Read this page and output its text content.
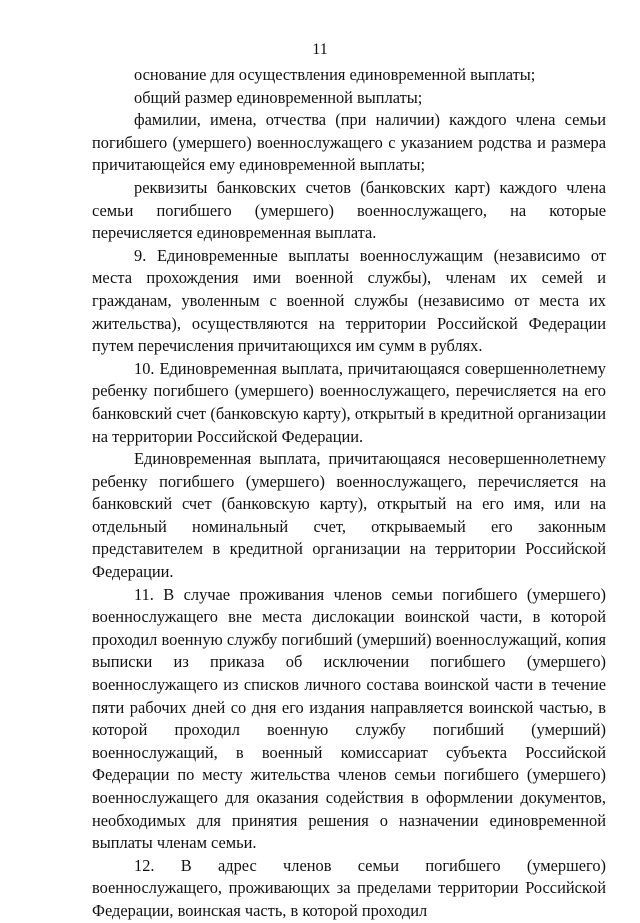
11

основание для осуществления единовременной выплаты;

общий размер единовременной выплаты;

фамилии, имена, отчества (при наличии) каждого члена семьи погибшего (умершего) военнослужащего с указанием родства и размера причитающейся ему единовременной выплаты;

реквизиты банковских счетов (банковских карт) каждого члена семьи погибшего (умершего) военнослужащего, на которые перечисляется единовременная выплата.

9. Единовременные выплаты военнослужащим (независимо от места прохождения ими военной службы), членам их семей и гражданам, уволенным с военной службы (независимо от места их жительства), осуществляются на территории Российской Федерации путем перечисления причитающихся им сумм в рублях.

10. Единовременная выплата, причитающаяся совершеннолетнему ребенку погибшего (умершего) военнослужащего, перечисляется на его банковский счет (банковскую карту), открытый в кредитной организации на территории Российской Федерации.

Единовременная выплата, причитающаяся несовершеннолетнему ребенку погибшего (умершего) военнослужащего, перечисляется на банковский счет (банковскую карту), открытый на его имя, или на отдельный номинальный счет, открываемый его законным представителем в кредитной организации на территории Российской Федерации.

11. В случае проживания членов семьи погибшего (умершего) военнослужащего вне места дислокации воинской части, в которой проходил военную службу погибший (умерший) военнослужащий, копия выписки из приказа об исключении погибшего (умершего) военнослужащего из списков личного состава воинской части в течение пяти рабочих дней со дня его издания направляется воинской частью, в которой проходил военную службу погибший (умерший) военнослужащий, в военный комиссариат субъекта Российской Федерации по месту жительства членов семьи погибшего (умершего) военнослужащего для оказания содействия в оформлении документов, необходимых для принятия решения о назначении единовременной выплаты членам семьи.

12. В адрес членов семьи погибшего (умершего) военнослужащего, проживающих за пределами территории Российской Федерации, воинская часть, в которой проходил
